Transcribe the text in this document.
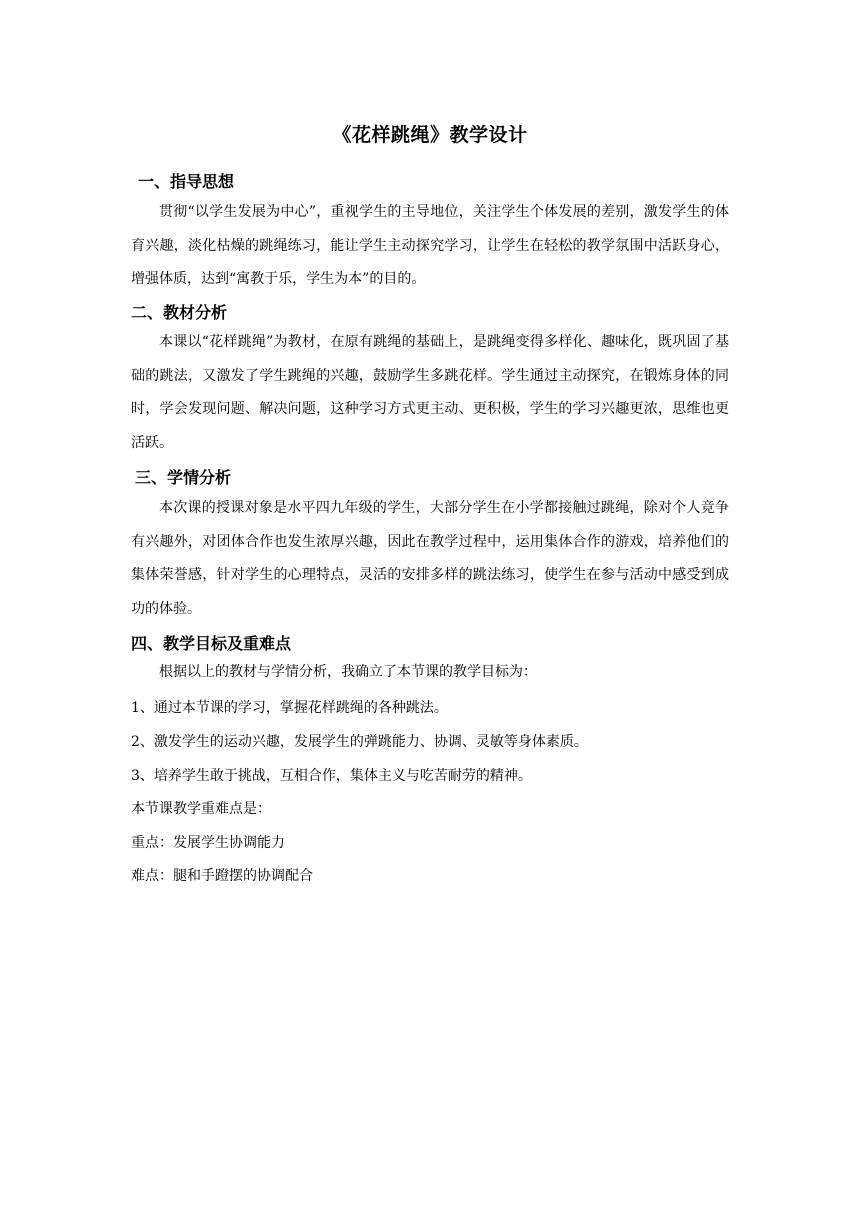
《花样跳绳》教学设计
一、指导思想

贯彻“以学生发展为中心”，重视学生的主导地位，关注学生个体发展的差别，激发学生的体育兴趣，淡化枯燥的跳绳练习，能让学生主动探究学习，让学生在轻松的教学氛围中活跃身心，增强体质，达到“寓教于乐，学生为本”的目的。

二、教材分析

本课以“花样跳绳”为教材，在原有跳绳的基础上，是跳绳变得多样化、趣味化，既巩固了基础的跳法，又激发了学生跳绳的兴趣，鼓励学生多跳花样。学生通过主动探究，在锻炼身体的同时，学会发现问题、解决问题，这种学习方式更主动、更积极，学生的学习兴趣更浓，思维也更活跃。

三、学情分析

本次课的授课对象是水平四九年级的学生，大部分学生在小学都接触过跳绳，除对个人竞争有兴趣外，对团体合作也发生浓厚兴趣，因此在教学过程中，运用集体合作的游戏，培养他们的集体荣誉感，针对学生的心理特点，灵活的安排多样的跳法练习，使学生在参与活动中感受到成功的体验。

四、教学目标及重难点
根据以上的教材与学情分析，我确立了本节课的教学目标为：
1、通过本节课的学习，掌握花样跳绳的各种跳法。
2、激发学生的运动兴趣，发展学生的弹跳能力、协调、灵敏等身体素质。
3、培养学生敢于挑战，互相合作，集体主义与吃苦耐劳的精神。
本节课教学重难点是：
重点：发展学生协调能力
难点：腿和手蹬摆的协调配合
